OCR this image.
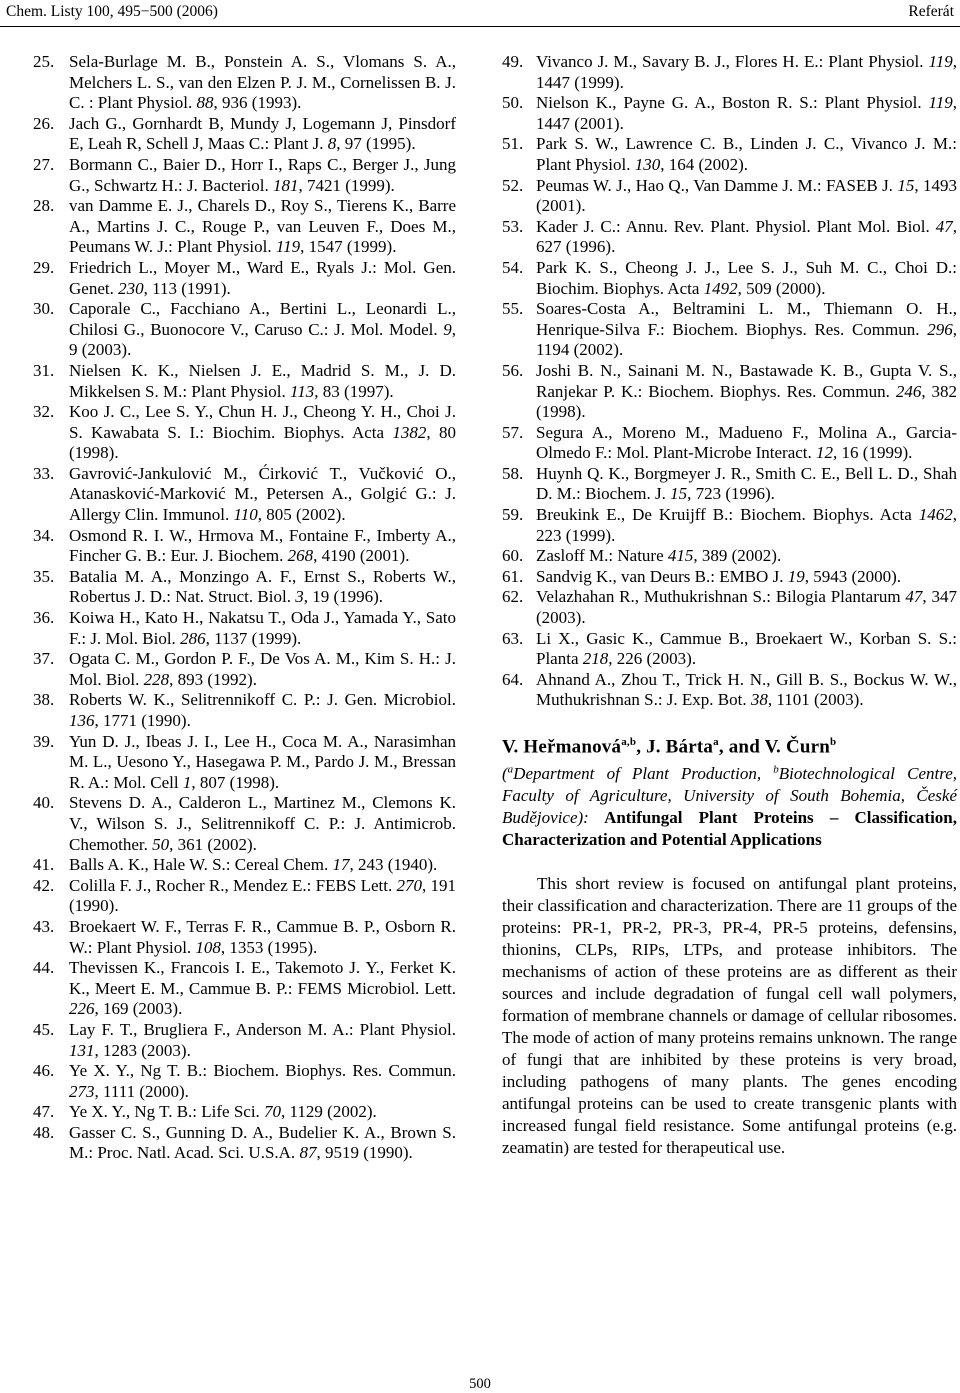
Chem. Listy 100, 495−500 (2006)	Referát
25. Sela-Burlage M. B., Ponstein A. S., Vlomans S. A., Melchers L. S., van den Elzen P. J. M., Cornelissen B. J. C. : Plant Physiol. 88, 936 (1993).
26. Jach G., Gornhardt B, Mundy J, Logemann J, Pinsdorf E, Leah R, Schell J, Maas C.: Plant J. 8, 97 (1995).
27. Bormann C., Baier D., Horr I., Raps C., Berger J., Jung G., Schwartz H.: J. Bacteriol. 181, 7421 (1999).
28. van Damme E. J., Charels D., Roy S., Tierens K., Barre A., Martins J. C., Rouge P., van Leuven F., Does M., Peumans W. J.: Plant Physiol. 119, 1547 (1999).
29. Friedrich L., Moyer M., Ward E., Ryals J.: Mol. Gen. Genet. 230, 113 (1991).
30. Caporale C., Facchiano A., Bertini L., Leonardi L., Chilosi G., Buonocore V., Caruso C.: J. Mol. Model. 9, 9 (2003).
31. Nielsen K. K., Nielsen J. E., Madrid S. M., J. D. Mikkelsen S. M.: Plant Physiol. 113, 83 (1997).
32. Koo J. C., Lee S. Y., Chun H. J., Cheong Y. H., Choi J. S. Kawabata S. I.: Biochim. Biophys. Acta 1382, 80 (1998).
33. Gavrović-Jankulović M., Ćirković T., Vučković O., Atanasković-Marković M., Petersen A., Golgić G.: J. Allergy Clin. Immunol. 110, 805 (2002).
34. Osmond R. I. W., Hrmova M., Fontaine F., Imberty A., Fincher G. B.: Eur. J. Biochem. 268, 4190 (2001).
35. Batalia M. A., Monzingo A. F., Ernst S., Roberts W., Robertus J. D.: Nat. Struct. Biol. 3, 19 (1996).
36. Koiwa H., Kato H., Nakatsu T., Oda J., Yamada Y., Sato F.: J. Mol. Biol. 286, 1137 (1999).
37. Ogata C. M., Gordon P. F., De Vos A. M., Kim S. H.: J. Mol. Biol. 228, 893 (1992).
38. Roberts W. K., Selitrennikoff C. P.: J. Gen. Microbiol. 136, 1771 (1990).
39. Yun D. J., Ibeas J. I., Lee H., Coca M. A., Narasimhan M. L., Uesono Y., Hasegawa P. M., Pardo J. M., Bressan R. A.: Mol. Cell 1, 807 (1998).
40. Stevens D. A., Calderon L., Martinez M., Clemons K. V., Wilson S. J., Selitrennikoff C. P.: J. Antimicrob. Chemother. 50, 361 (2002).
41. Balls A. K., Hale W. S.: Cereal Chem. 17, 243 (1940).
42. Colilla F. J., Rocher R., Mendez E.: FEBS Lett. 270, 191 (1990).
43. Broekaert W. F., Terras F. R., Cammue B. P., Osborn R. W.: Plant Physiol. 108, 1353 (1995).
44. Thevissen K., Francois I. E., Takemoto J. Y., Ferket K. K., Meert E. M., Cammue B. P.: FEMS Microbiol. Lett. 226, 169 (2003).
45. Lay F. T., Brugliera F., Anderson M. A.: Plant Physiol. 131, 1283 (2003).
46. Ye X. Y., Ng T. B.: Biochem. Biophys. Res. Commun. 273, 1111 (2000).
47. Ye X. Y., Ng T. B.: Life Sci. 70, 1129 (2002).
48. Gasser C. S., Gunning D. A., Budelier K. A., Brown S. M.: Proc. Natl. Acad. Sci. U.S.A. 87, 9519 (1990).
49. Vivanco J. M., Savary B. J., Flores H. E.: Plant Physiol. 119, 1447 (1999).
50. Nielson K., Payne G. A., Boston R. S.: Plant Physiol. 119, 1447 (2001).
51. Park S. W., Lawrence C. B., Linden J. C., Vivanco J. M.: Plant Physiol. 130, 164 (2002).
52. Peumas W. J., Hao Q., Van Damme J. M.: FASEB J. 15, 1493 (2001).
53. Kader J. C.: Annu. Rev. Plant. Physiol. Plant Mol. Biol. 47, 627 (1996).
54. Park K. S., Cheong J. J., Lee S. J., Suh M. C., Choi D.: Biochim. Biophys. Acta 1492, 509 (2000).
55. Soares-Costa A., Beltramini L. M., Thiemann O. H., Henrique-Silva F.: Biochem. Biophys. Res. Commun. 296, 1194 (2002).
56. Joshi B. N., Sainani M. N., Bastawade K. B., Gupta V. S., Ranjekar P. K.: Biochem. Biophys. Res. Commun. 246, 382 (1998).
57. Segura A., Moreno M., Madueno F., Molina A., Garcia-Olmedo F.: Mol. Plant-Microbe Interact. 12, 16 (1999).
58. Huynh Q. K., Borgmeyer J. R., Smith C. E., Bell L. D., Shah D. M.: Biochem. J. 15, 723 (1996).
59. Breukink E., De Kruijff B.: Biochem. Biophys. Acta 1462, 223 (1999).
60. Zasloff M.: Nature 415, 389 (2002).
61. Sandvig K., van Deurs B.: EMBO J. 19, 5943 (2000).
62. Velazhahan R., Muthukrishnan S.: Bilogia Plantarum 47, 347 (2003).
63. Li X., Gasic K., Cammue B., Broekaert W., Korban S. S.: Planta 218, 226 (2003).
64. Ahnand A., Zhou T., Trick H. N., Gill B. S., Bockus W. W., Muthukrishnan S.: J. Exp. Bot. 38, 1101 (2003).
V. Heřmanová$^{a,b}$, J. Bárta$^a$, and V. Čurn$^b$
($^a$Department of Plant Production, $^b$Biotechnological Centre, Faculty of Agriculture, University of South Bohemia, České Budějovice): Antifungal Plant Proteins – Classification, Characterization and Potential Applications
This short review is focused on antifungal plant proteins, their classification and characterization. There are 11 groups of the proteins: PR-1, PR-2, PR-3, PR-4, PR-5 proteins, defensins, thionins, CLPs, RIPs, LTPs, and protease inhibitors. The mechanisms of action of these proteins are as different as their sources and include degradation of fungal cell wall polymers, formation of membrane channels or damage of cellular ribosomes. The mode of action of many proteins remains unknown. The range of fungi that are inhibited by these proteins is very broad, including pathogens of many plants. The genes encoding antifungal proteins can be used to create transgenic plants with increased fungal field resistance. Some antifungal proteins (e.g. zeamatin) are tested for therapeutical use.
500
